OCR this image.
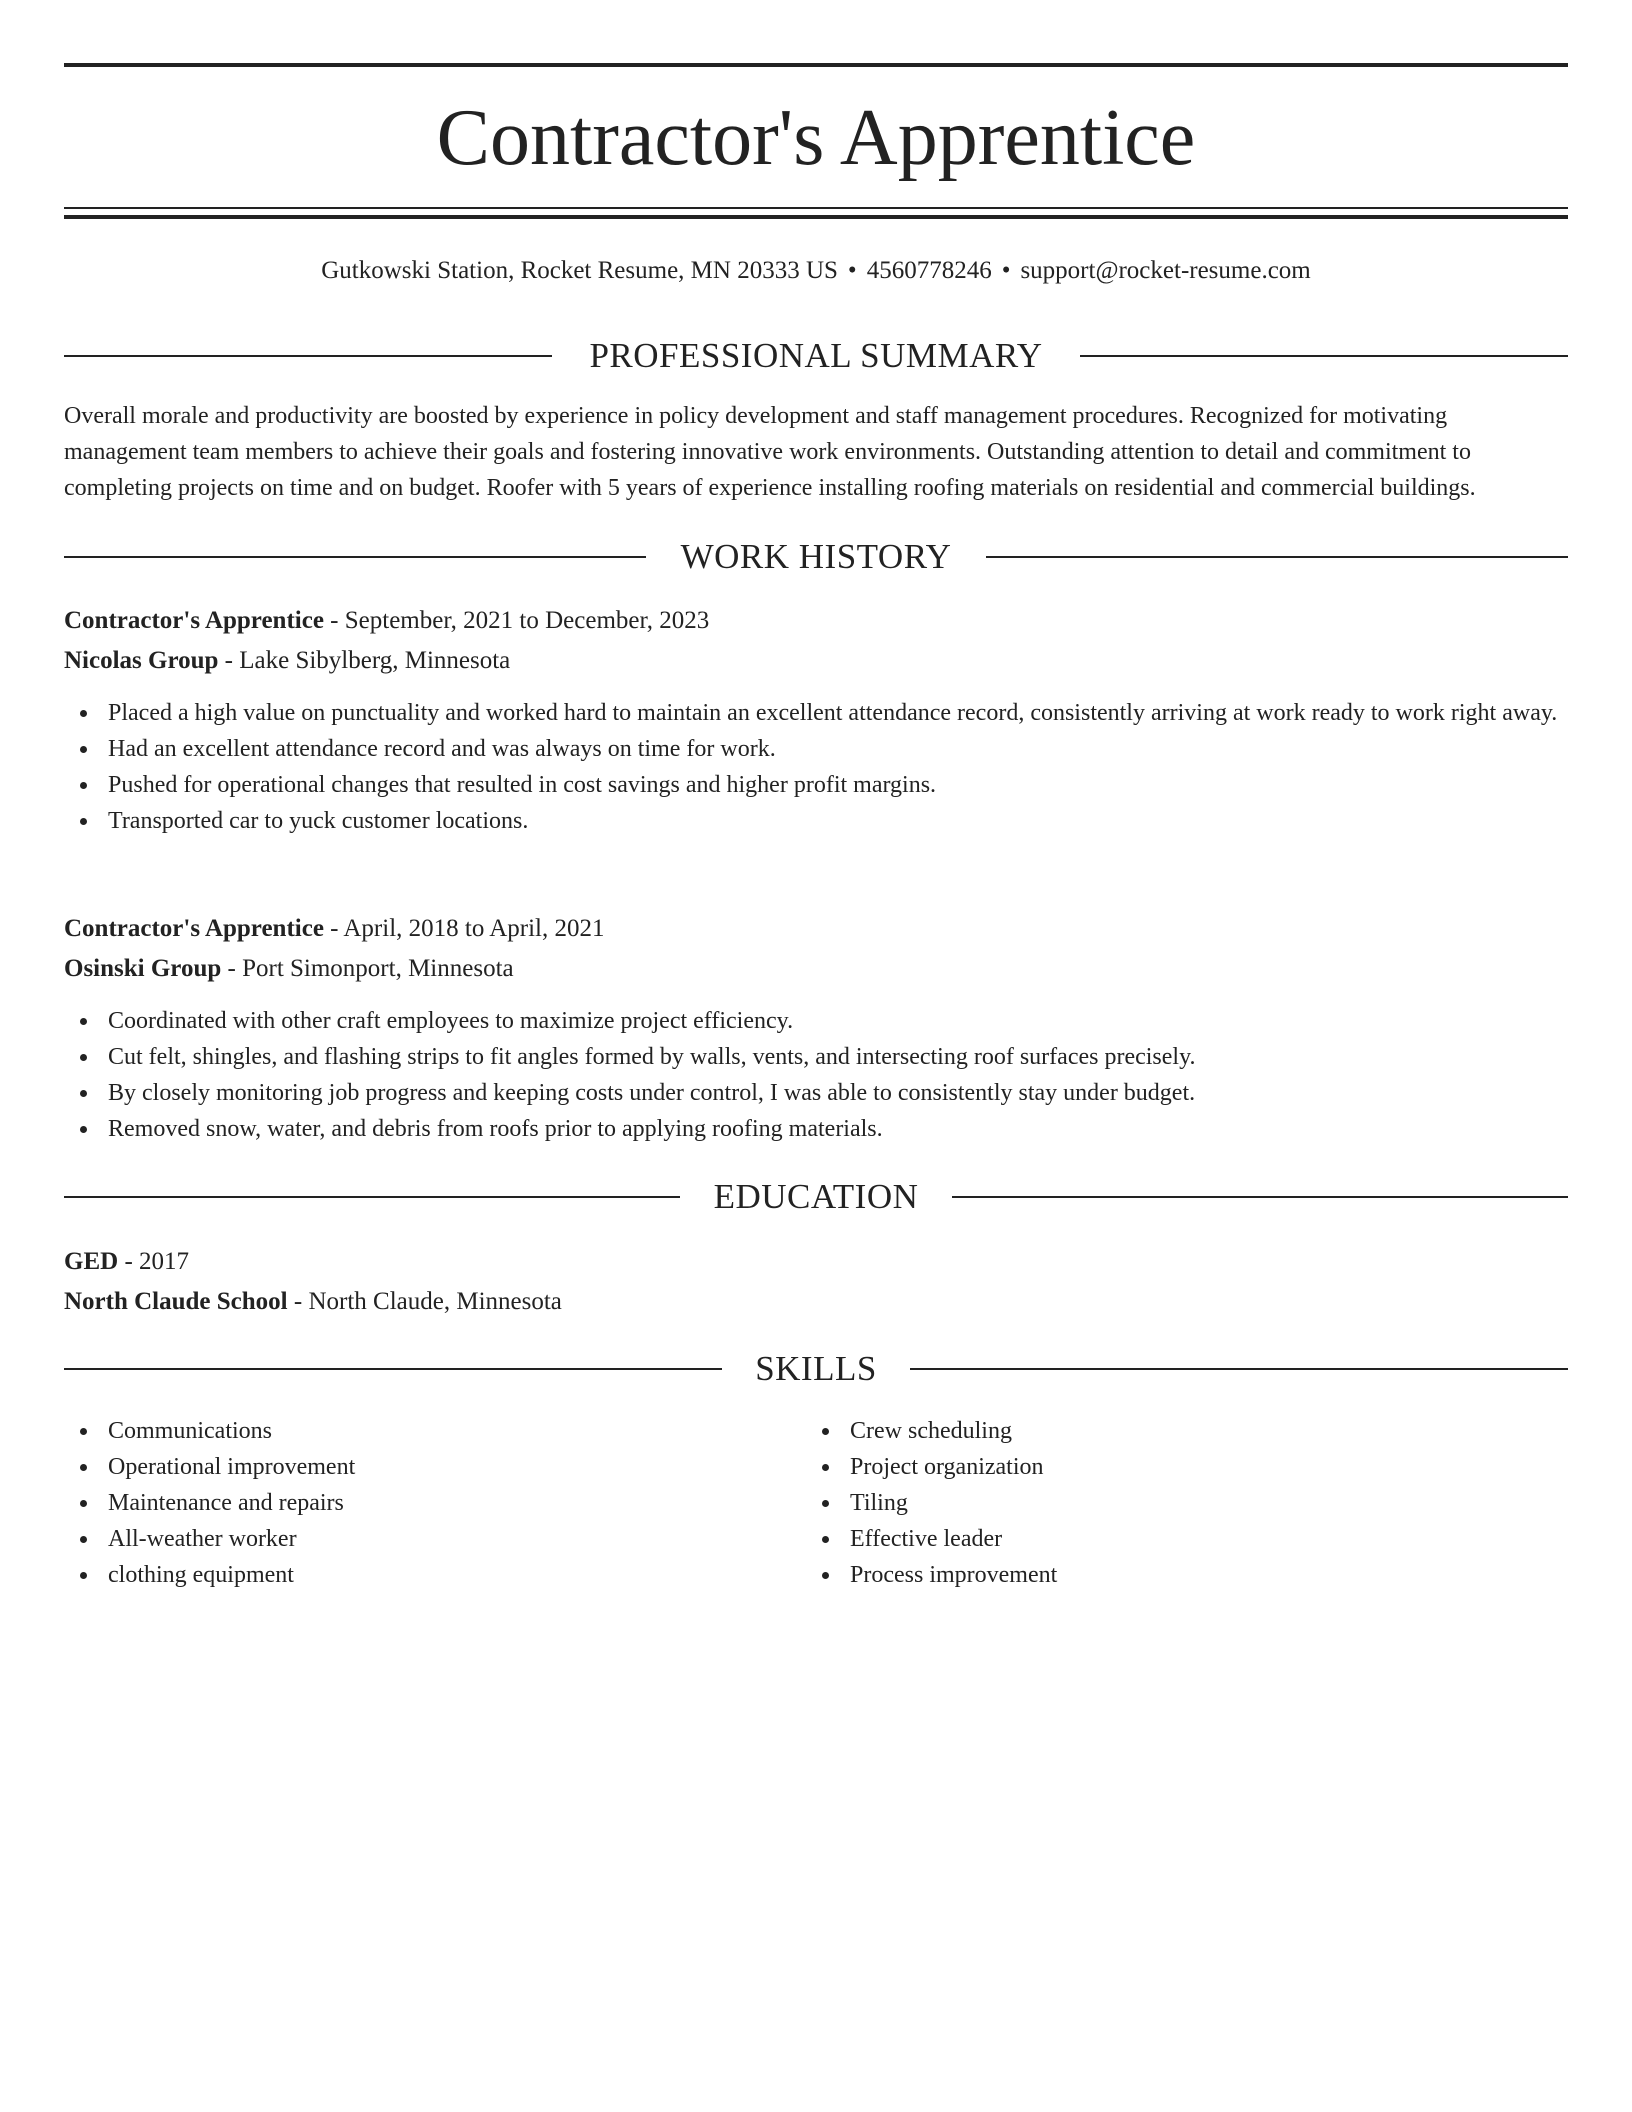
Contractor's Apprentice
Gutkowski Station, Rocket Resume, MN 20333 US • 4560778246 • support@rocket-resume.com
PROFESSIONAL SUMMARY

Overall morale and productivity are boosted by experience in policy development and staff management procedures. Recognized for motivating management team members to achieve their goals and fostering innovative work environments. Outstanding attention to detail and commitment to completing projects on time and on budget. Roofer with 5 years of experience installing roofing materials on residential and commercial buildings.

WORK HISTORY
Contractor's Apprentice - September, 2021 to December, 2023
Nicolas Group - Lake Sibylberg, Minnesota
Placed a high value on punctuality and worked hard to maintain an excellent attendance record, consistently arriving at work ready to work right away.
Had an excellent attendance record and was always on time for work.
Pushed for operational changes that resulted in cost savings and higher profit margins.
Transported car to yuck customer locations.
Contractor's Apprentice - April, 2018 to April, 2021
Osinski Group - Port Simonport, Minnesota
Coordinated with other craft employees to maximize project efficiency.
Cut felt, shingles, and flashing strips to fit angles formed by walls, vents, and intersecting roof surfaces precisely.
By closely monitoring job progress and keeping costs under control, I was able to consistently stay under budget.
Removed snow, water, and debris from roofs prior to applying roofing materials.
EDUCATION
GED - 2017
North Claude School - North Claude, Minnesota
SKILLS
Communications
Operational improvement
Maintenance and repairs
All-weather worker
clothing equipment
Crew scheduling
Project organization
Tiling
Effective leader
Process improvement
